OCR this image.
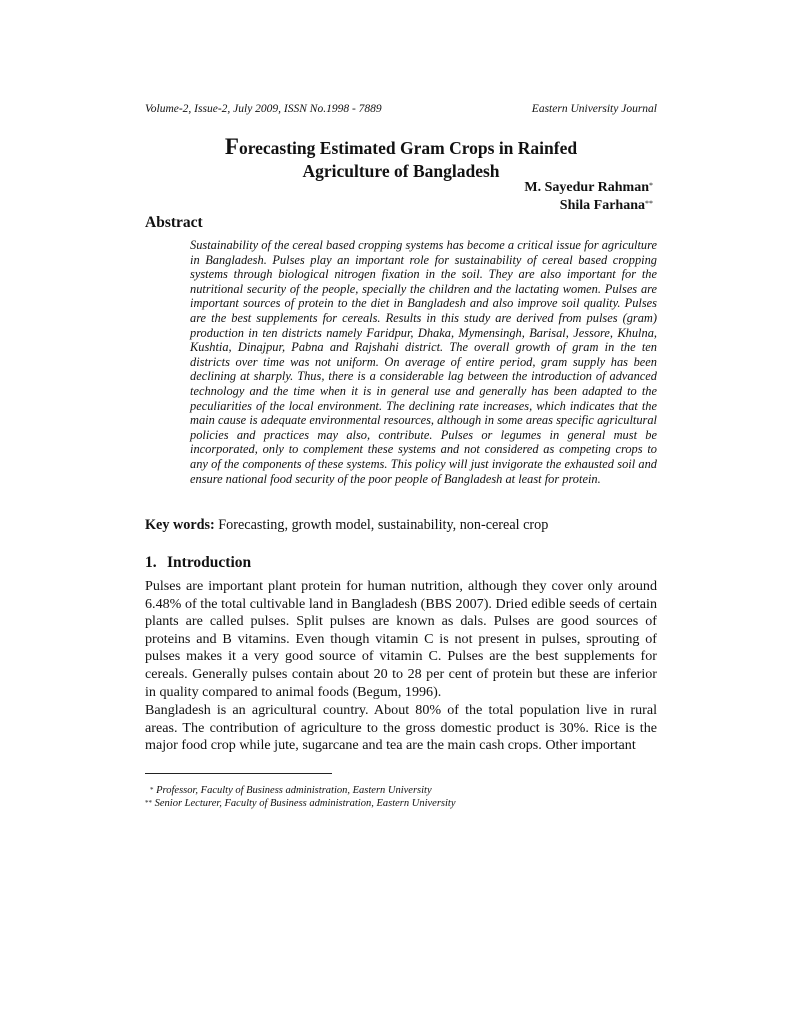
Volume-2, Issue-2, July 2009, ISSN No.1998 - 7889	Eastern University Journal
Forecasting Estimated Gram Crops in Rainfed
Agriculture of Bangladesh
M. Sayedur Rahman*
Shila Farhana**
Abstract

Sustainability of the cereal based cropping systems has become a critical issue for agriculture in Bangladesh. Pulses play an important role for sustainability of cereal based cropping systems through biological nitrogen fixation in the soil. They are also important for the nutritional security of the people, specially the children and the lactating women. Pulses are important sources of protein to the diet in Bangladesh and also improve soil quality. Pulses are the best supplements for cereals. Results in this study are derived from pulses (gram) production in ten districts namely Faridpur, Dhaka, Mymensingh, Barisal, Jessore, Khulna, Kushtia, Dinajpur, Pabna and Rajshahi district. The overall growth of gram in the ten districts over time was not uniform. On average of entire period, gram supply has been declining at sharply. Thus, there is a considerable lag between the introduction of advanced technology and the time when it is in general use and generally has been adapted to the peculiarities of the local environment. The declining rate increases, which indicates that the main cause is adequate environmental resources, although in some areas specific agricultural policies and practices may also, contribute. Pulses or legumes in general must be incorporated, only to complement these systems and not considered as competing crops to any of the components of these systems. This policy will just invigorate the exhausted soil and ensure national food security of the poor people of Bangladesh at least for protein.

Key words: Forecasting, growth model, sustainability, non-cereal crop
1. Introduction

Pulses are important plant protein for human nutrition, although they cover only around 6.48% of the total cultivable land in Bangladesh (BBS 2007). Dried edible seeds of certain plants are called pulses. Split pulses are known as dals. Pulses are good sources of proteins and B vitamins. Even though vitamin C is not present in pulses, sprouting of pulses makes it a very good source of vitamin C. Pulses are the best supplements for cereals. Generally pulses contain about 20 to 28 per cent of protein but these are inferior in quality compared to animal foods (Begum, 1996).

Bangladesh is an agricultural country. About 80% of the total population live in rural areas. The contribution of agriculture to the gross domestic product is 30%. Rice is the major food crop while jute, sugarcane and tea are the main cash crops. Other important

* Professor, Faculty of Business administration, Eastern University
** Senior Lecturer, Faculty of Business administration, Eastern University
